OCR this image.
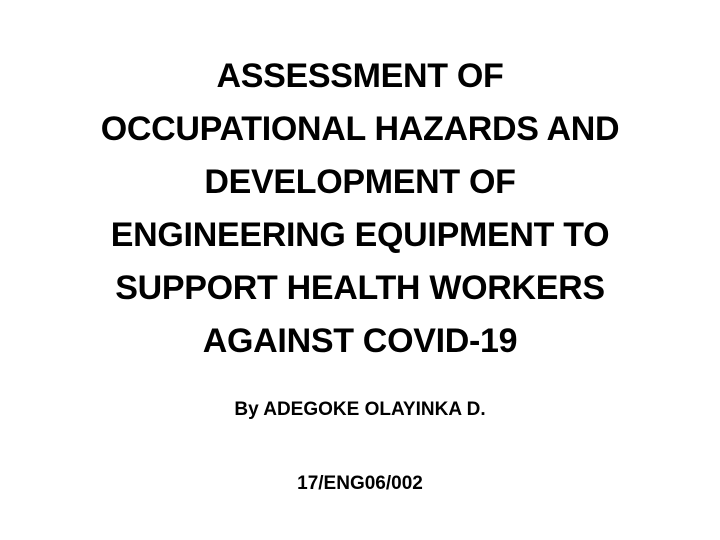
ASSESSMENT OF
OCCUPATIONAL HAZARDS AND
DEVELOPMENT OF
ENGINEERING EQUIPMENT TO
SUPPORT HEALTH WORKERS
AGAINST COVID-19

By ADEGOKE OLAYINKA D.

17/ENG06/002
